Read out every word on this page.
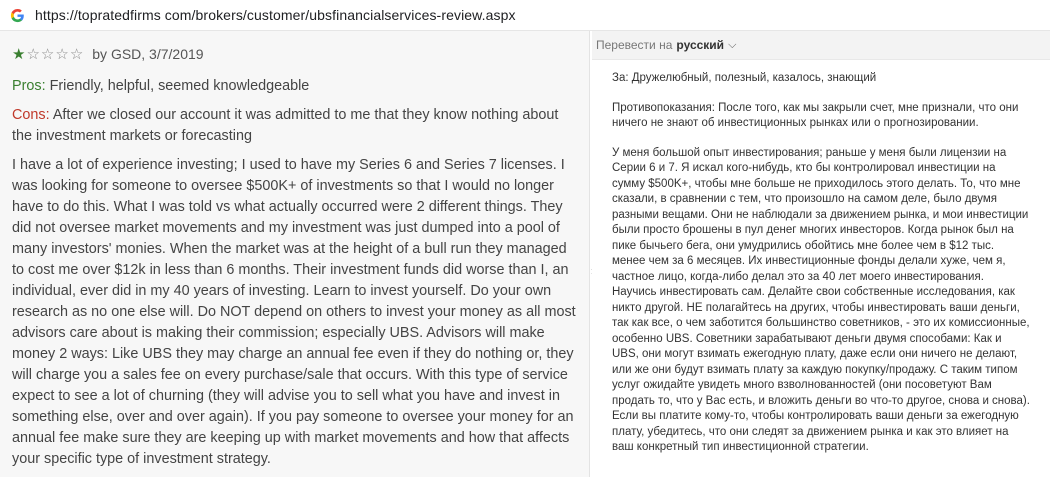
https://topratedfirms com/brokers/customer/ubsfinancialservices-review.aspx
★ ☆ ☆ ☆ ☆ by GSD, 3/7/2019
Pros: Friendly, helpful, seemed knowledgeable
Cons: After we closed our account it was admitted to me that they know nothing about the investment markets or forecasting
I have a lot of experience investing; I used to have my Series 6 and Series 7 licenses. I was looking for someone to oversee $500K+ of investments so that I would no longer have to do this. What I was told vs what actually occurred were 2 different things. They did not oversee market movements and my investment was just dumped into a pool of many investors' monies. When the market was at the height of a bull run they managed to cost me over $12k in less than 6 months. Their investment funds did worse than I, an individual, ever did in my 40 years of investing. Learn to invest yourself. Do your own research as no one else will. Do NOT depend on others to invest your money as all most advisors care about is making their commission; especially UBS. Advisors will make money 2 ways: Like UBS they may charge an annual fee even if they do nothing or, they will charge you a sales fee on every purchase/sale that occurs. With this type of service expect to see a lot of churning (they will advise you to sell what you have and invest in something else, over and over again). If you pay someone to oversee your money for an annual fee make sure they are keeping up with market movements and how that affects your specific type of investment strategy.
Перевести на русский ⌵

За: Дружелюбный, полезный, казалось, знающий

Противопоказания: После того, как мы закрыли счет, мне признали, что они ничего не знают об инвестиционных рынках или о прогнозировании.

У меня большой опыт инвестирования; раньше у меня были лицензии на Серии 6 и 7. Я искал кого-нибудь, кто бы контролировал инвестиции на сумму $500K+, чтобы мне больше не приходилось этого делать. То, что мне сказали, в сравнении с тем, что произошло на самом деле, было двумя разными вещами. Они не наблюдали за движением рынка, и мои инвестиции были просто брошены в пул денег многих инвесторов. Когда рынок был на пике бычьего бега, они умудрились обойтись мне более чем в $12 тыс. менее чем за 6 месяцев. Их инвестиционные фонды делали хуже, чем я, частное лицо, когда-либо делал это за 40 лет моего инвестирования. Научись инвестировать сам. Делайте свои собственные исследования, как никто другой. НЕ полагайтесь на других, чтобы инвестировать ваши деньги, так как все, о чем заботится большинство советников, - это их комиссионные, особенно UBS. Советники зарабатывают деньги двумя способами: Как и UBS, они могут взимать ежегодную плату, даже если они ничего не делают, или же они будут взимать плату за каждую покупку/продажу. С таким типом услуг ожидайте увидеть много взволнованностей (они посоветуют Вам продать то, что у Вас есть, и вложить деньги во что-то другое, снова и снова). Если вы платите кому-то, чтобы контролировать ваши деньги за ежегодную плату, убедитесь, что они следят за движением рынка и как это влияет на ваш конкретный тип инвестиционной стратегии.
